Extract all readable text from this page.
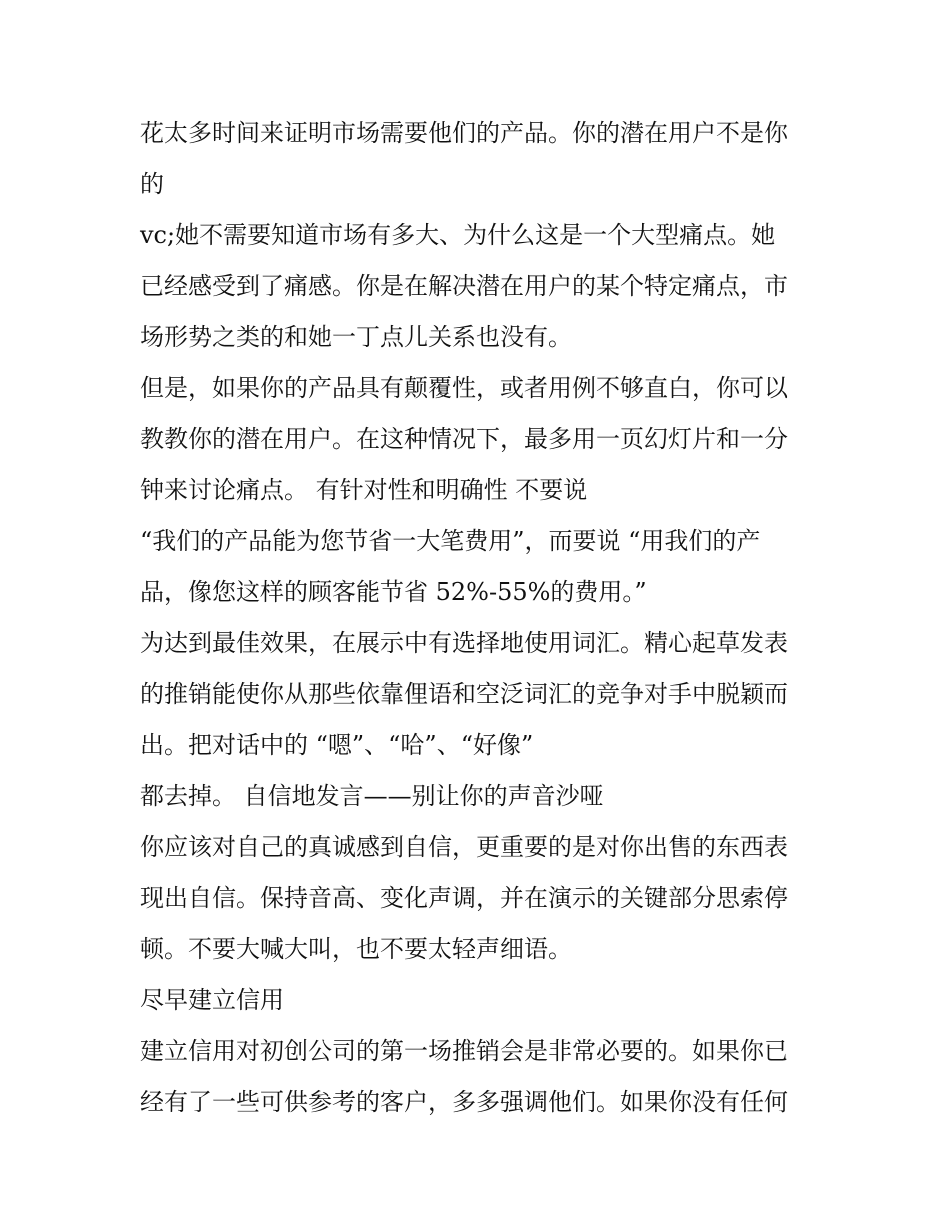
花太多时间来证明市场需要他们的产品。你的潜在用户不是你
的
vc;她不需要知道市场有多大、为什么这是一个大型痛点。她
已经感受到了痛感。你是在解决潜在用户的某个特定痛点，市
场形势之类的和她一丁点儿关系也没有。
但是，如果你的产品具有颠覆性，或者用例不够直白，你可以
教教你的潜在用户。在这种情况下，最多用一页幻灯片和一分
钟来讨论痛点。 有针对性和明确性 不要说
“我们的产品能为您节省一大笔费用”，而要说 “用我们的产
品，像您这样的顾客能节省 52%-55%的费用。”
为达到最佳效果，在展示中有选择地使用词汇。精心起草发表
的推销能使你从那些依靠俚语和空泛词汇的竞争对手中脱颖而
出。把对话中的 “嗯”、“哈”、“好像”
都去掉。 自信地发言——别让你的声音沙哑
你应该对自己的真诚感到自信，更重要的是对你出售的东西表
现出自信。保持音高、变化声调，并在演示的关键部分思索停
顿。不要大喊大叫，也不要太轻声细语。
尽早建立信用
建立信用对初创公司的第一场推销会是非常必要的。如果你已
经有了一些可供参考的客户，多多强调他们。如果你没有任何
